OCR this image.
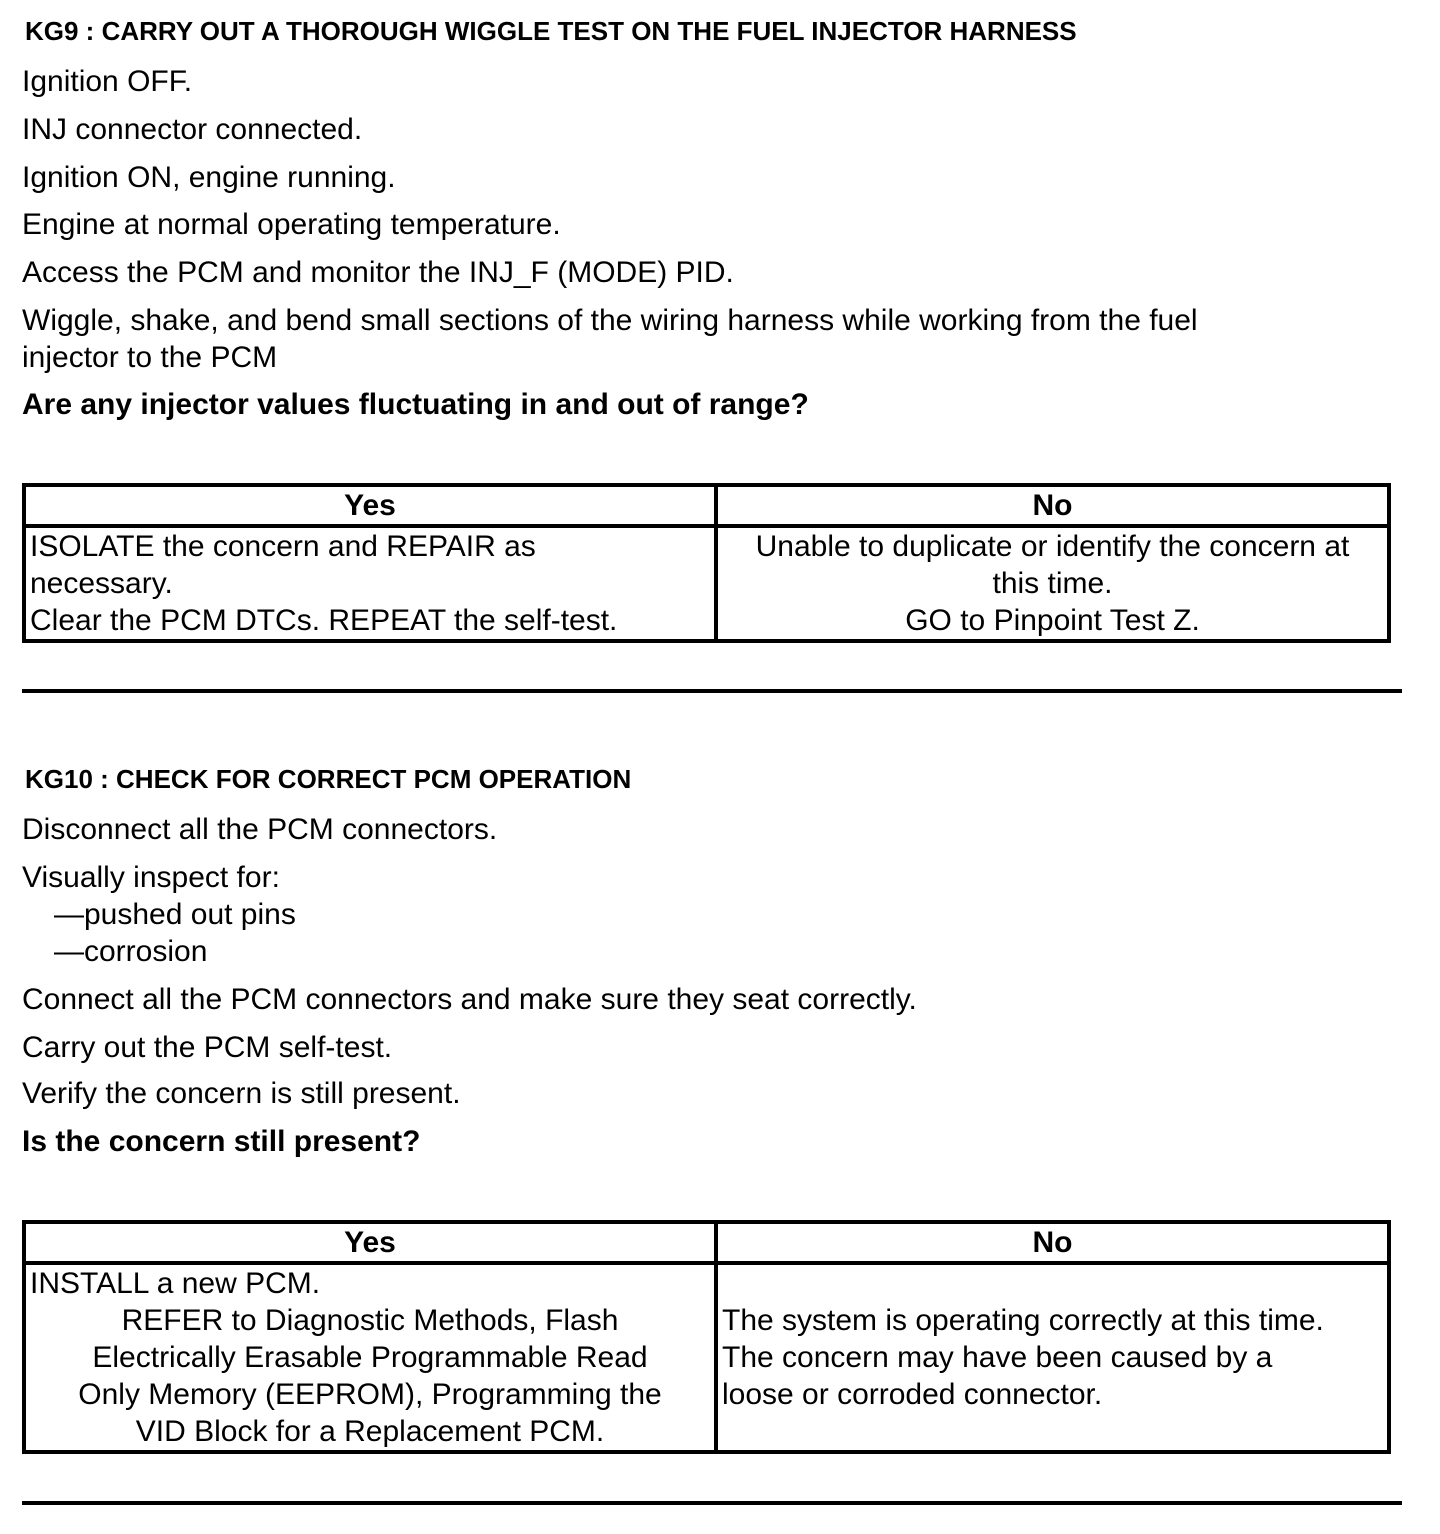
KG9 : CARRY OUT A THOROUGH WIGGLE TEST ON THE FUEL INJECTOR HARNESS
Ignition OFF.
INJ connector connected.
Ignition ON, engine running.
Engine at normal operating temperature.
Access the PCM and monitor the INJ_F (MODE) PID.
Wiggle, shake, and bend small sections of the wiring harness while working from the fuel
injector to the PCM
Are any injector values fluctuating in and out of range?
Yes	No

ISOLATE the concern and REPAIR as
necessary.
Clear the PCM DTCs. REPEAT the self-test.	Unable to duplicate or identify the concern at
this time.
GO to Pinpoint Test Z.
KG10 : CHECK FOR CORRECT PCM OPERATION
Disconnect all the PCM connectors.
Visually inspect for:
—pushed out pins
—corrosion
Connect all the PCM connectors and make sure they seat correctly.
Carry out the PCM self-test.
Verify the concern is still present.
Is the concern still present?
Yes	No

INSTALL a new PCM.
REFER to Diagnostic Methods, Flash
Electrically Erasable Programmable Read
Only Memory (EEPROM), Programming the
VID Block for a Replacement PCM.	The system is operating correctly at this time.
The concern may have been caused by a
loose or corroded connector.
